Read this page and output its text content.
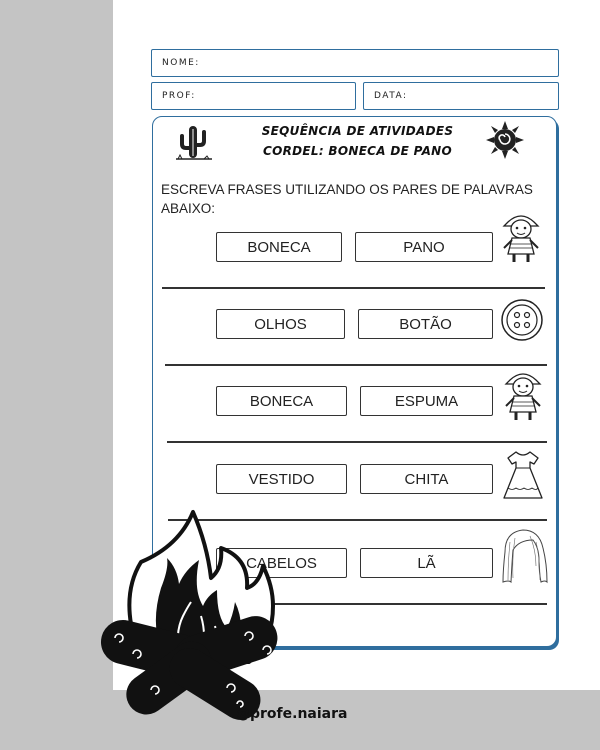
NOME:
PROF:	DATA:
SEQUÊNCIA DE ATIVIDADES
CORDEL: BONECA DE PANO
ESCREVA FRASES UTILIZANDO OS PARES DE PALAVRAS ABAIXO:
BONECA	PANO
OLHOS	BOTÃO
BONECA	ESPUMA
VESTIDO	CHITA
CABELOS	LÃ
@profe.naiara
